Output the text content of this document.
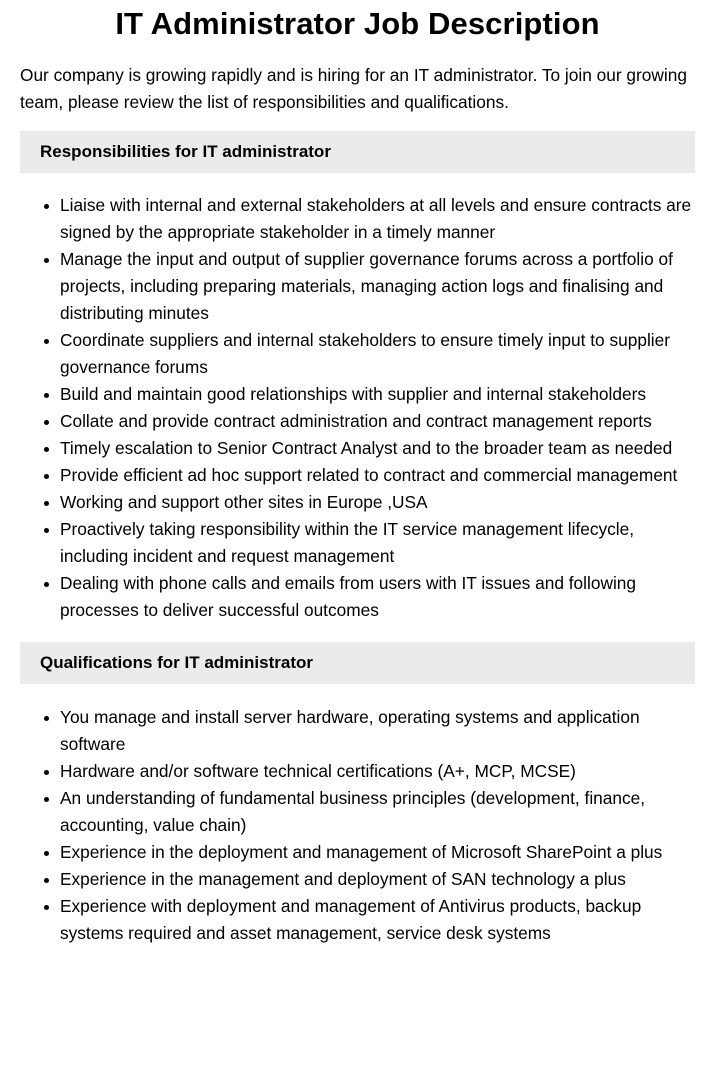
IT Administrator Job Description

Our company is growing rapidly and is hiring for an IT administrator. To join our growing team, please review the list of responsibilities and qualifications.

Responsibilities for IT administrator
Liaise with internal and external stakeholders at all levels and ensure contracts are signed by the appropriate stakeholder in a timely manner
Manage the input and output of supplier governance forums across a portfolio of projects, including preparing materials, managing action logs and finalising and distributing minutes
Coordinate suppliers and internal stakeholders to ensure timely input to supplier governance forums
Build and maintain good relationships with supplier and internal stakeholders
Collate and provide contract administration and contract management reports
Timely escalation to Senior Contract Analyst and to the broader team as needed
Provide efficient ad hoc support related to contract and commercial management
Working and support other sites in Europe ,USA
Proactively taking responsibility within the IT service management lifecycle, including incident and request management
Dealing with phone calls and emails from users with IT issues and following processes to deliver successful outcomes
Qualifications for IT administrator
You manage and install server hardware, operating systems and application software
Hardware and/or software technical certifications (A+, MCP, MCSE)
An understanding of fundamental business principles (development, finance, accounting, value chain)
Experience in the deployment and management of Microsoft SharePoint a plus
Experience in the management and deployment of SAN technology a plus
Experience with deployment and management of Antivirus products, backup systems required and asset management, service desk systems
